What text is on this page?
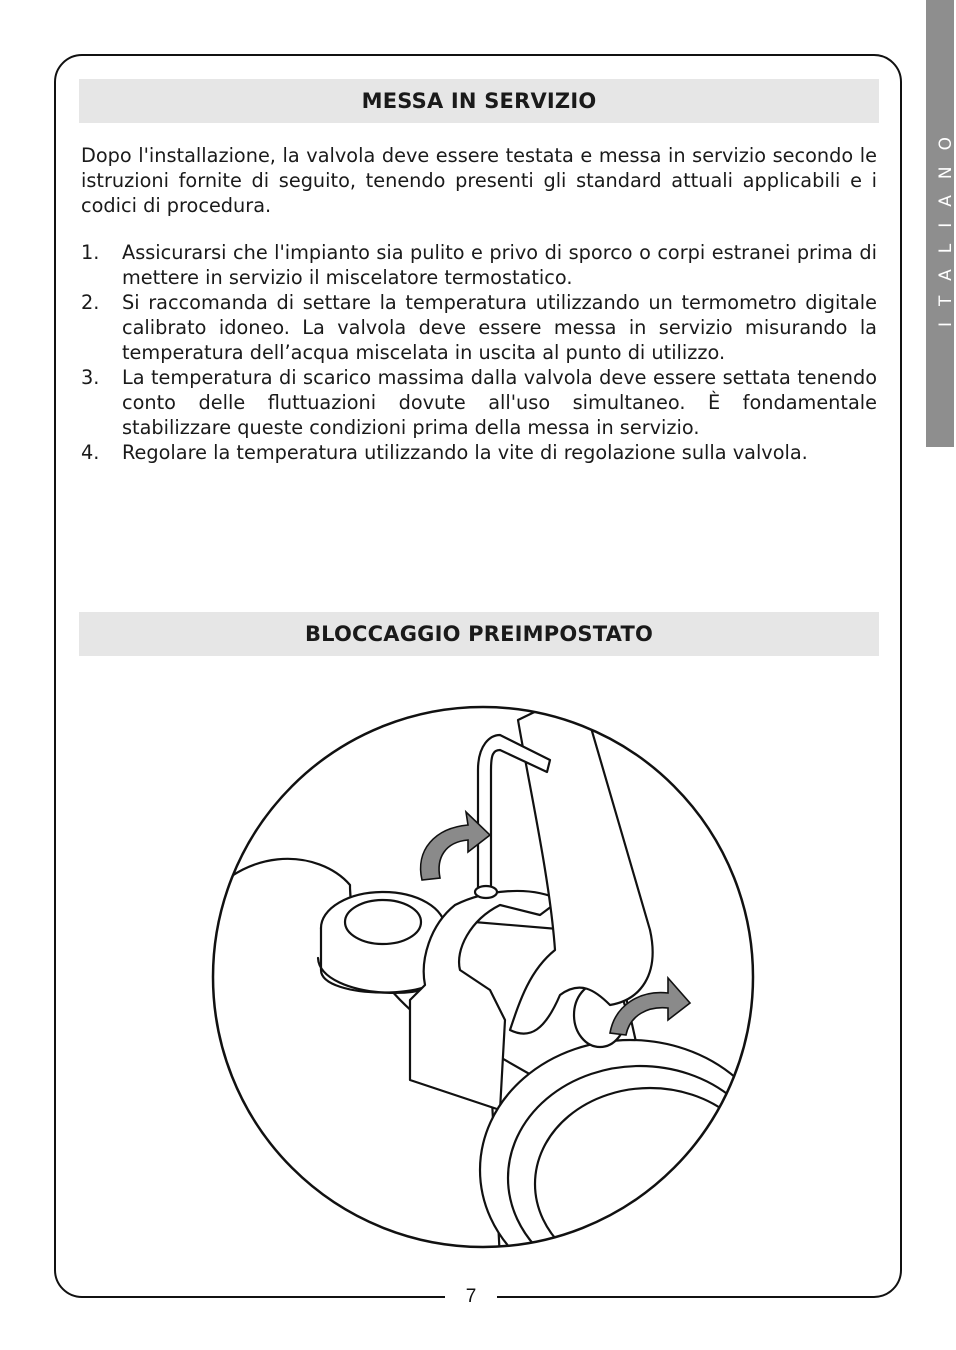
ITALIANO
MESSA IN SERVIZIO

Dopo l'installazione, la valvola deve essere testata e messa in servizio secondo le istruzioni fornite di seguito, tenendo presenti gli standard attuali applicabili e i codici di procedura.

1.	Assicurarsi che l'impianto sia pulito e privo di sporco o corpi estranei prima di mettere in servizio il miscelatore termostatico.
2.	Si raccomanda di settare la temperatura utilizzando un termometro digitale calibrato idoneo. La valvola deve essere messa in servizio misurando la temperatura dell’acqua miscelata in uscita al punto di utilizzo.
3.	La temperatura di scarico massima dalla valvola deve essere settata tenendo conto delle fluttuazioni dovute all'uso simultaneo. È fondamentale stabilizzare queste condizioni prima della messa in servizio.
4.	Regolare la temperatura utilizzando la vite di regolazione sulla valvola.
BLOCCAGGIO PREIMPOSTATO
7
